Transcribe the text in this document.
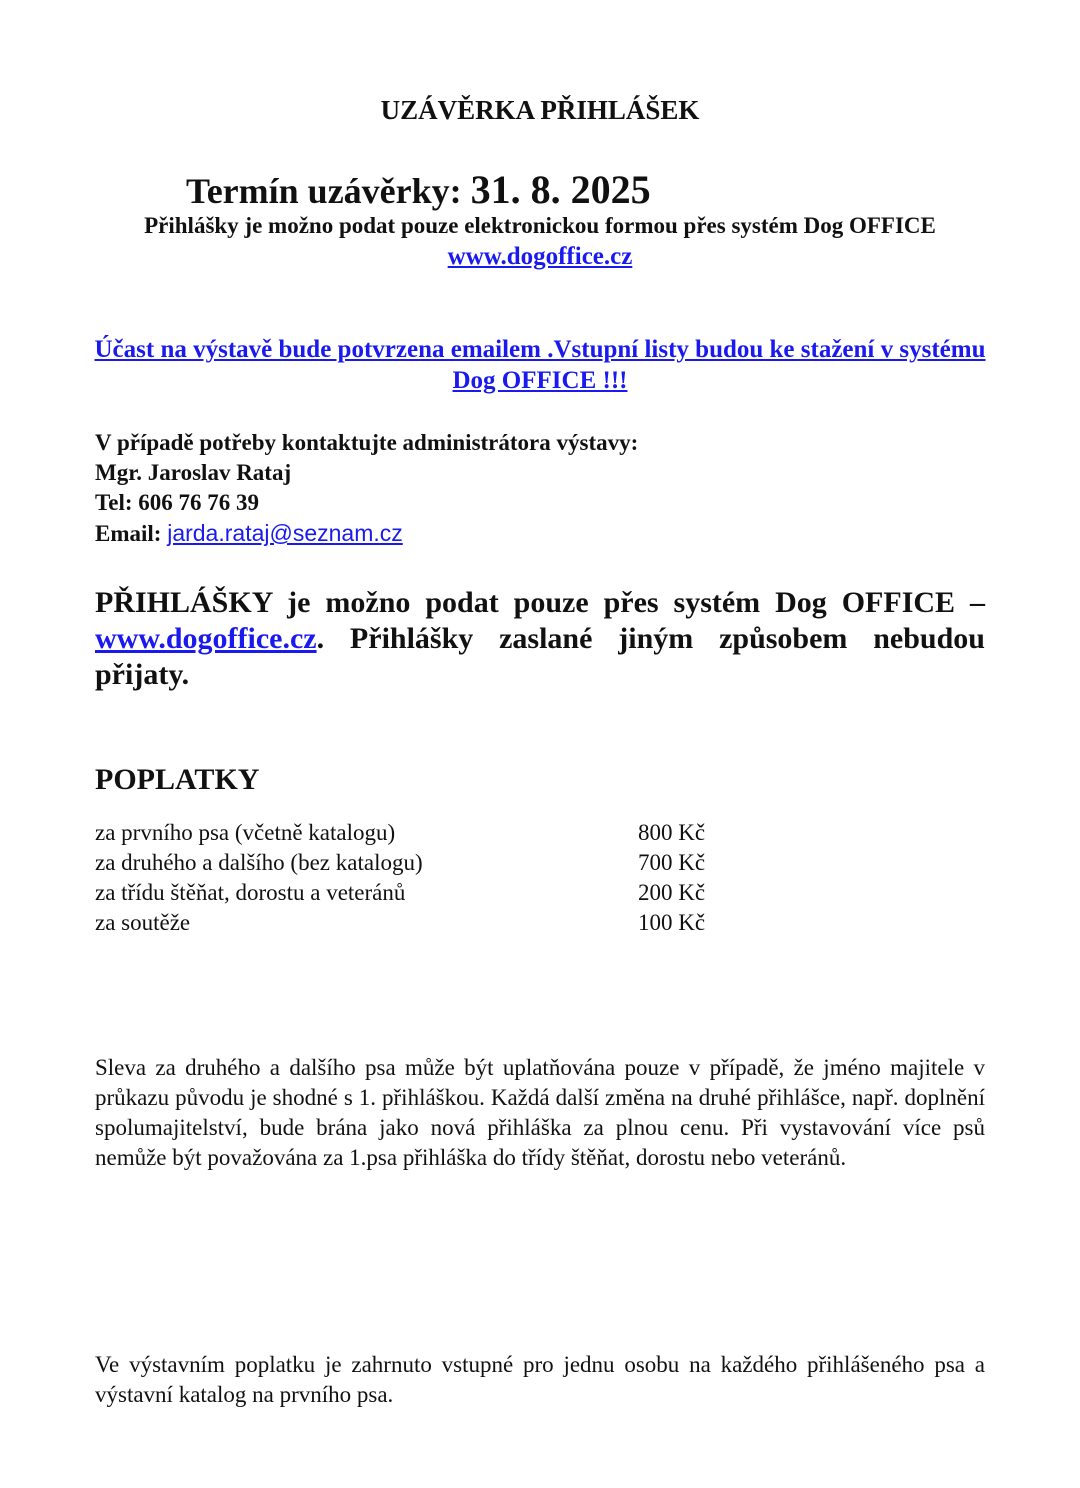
UZÁVĚRKA PŘIHLÁŠEK
Termín uzávěrky: 31. 8. 2025
Přihlášky je možno podat pouze elektronickou formou přes systém Dog OFFICE
www.dogoffice.cz
Účast na výstavě bude potvrzena emailem .Vstupní listy budou ke stažení v systému Dog OFFICE !!!
V případě potřeby kontaktujte administrátora výstavy:
Mgr. Jaroslav Rataj
Tel: 606 76 76 39
Email: jarda.rataj@seznam.cz
PŘIHLÁŠKY je možno podat pouze přes systém Dog OFFICE – www.dogoffice.cz. Přihlášky zaslané jiným způsobem nebudou přijaty.
POPLATKY
za prvního psa (včetně katalogu)	800 Kč
za druhého a dalšího (bez katalogu)	700 Kč
za třídu štěňat, dorostu a veteránů	200 Kč
za soutěže	100 Kč
Sleva za druhého a dalšího psa může být uplatňována pouze v případě, že jméno majitele v průkazu původu je shodné s 1. přihláškou. Každá další změna na druhé přihlášce, např. doplnění spolumajitelství, bude brána jako nová přihláška za plnou cenu. Při vystavování více psů nemůže být považována za 1.psa přihláška do třídy štěňat, dorostu nebo veteránů.
Ve výstavním poplatku je zahrnuto vstupné pro jednu osobu na každého přihlášeného psa a výstavní katalog na prvního psa.
